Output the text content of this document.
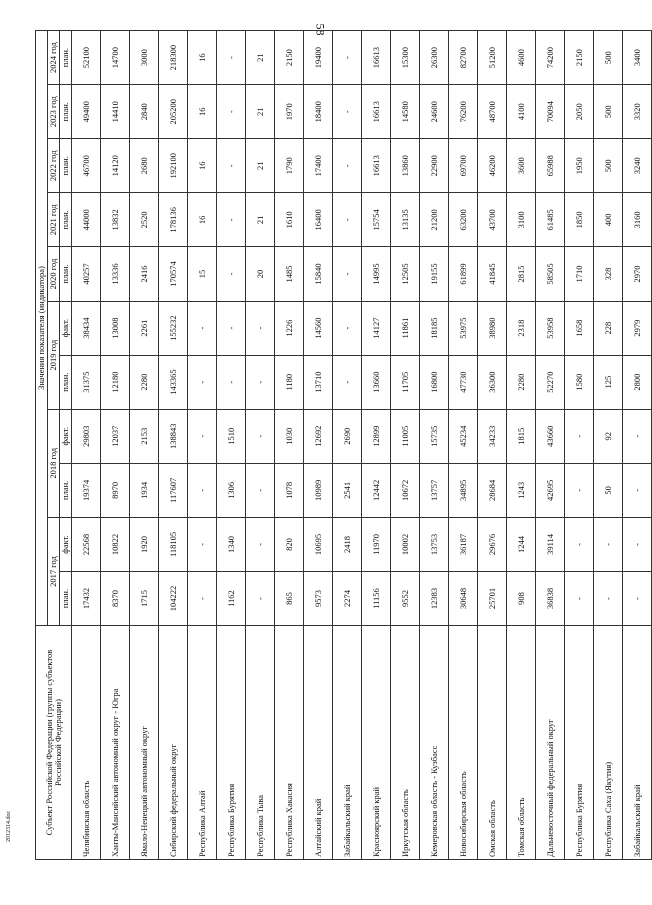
58
2012314.doc	Субъект Российской Федерации (группы субъектов Российской Федерации)	Значения показателя (индикатора)										
	2017 год		2018 год		2019 год		2020 год	2021 год	2022 год	2023 год	2024 год
	план.	факт.	план.	факт.	план.	факт.	план.	план.	план.	план.	план.
Челябинская область	17432	22568	19374	29803	31375	38434	40257	44000	46700	49400	52100
Ханты-Мансийский автономный округ - Югра	8370	10822	8970	12037	12180	13008	13336	13832	14120	14410	14700
Ямало-Ненецкий автономный округ	1715	1920	1934	2153	2280	2261	2416	2520	2680	2840	3000
Сибирский федеральный округ	104222	118105	117607	138843	143365	155232	170574	178136	192100	205200	218300
Республика Алтай	-	-	-	-	-	-	15	16	16	16	16
Республика Бурятия	1162	1340	1306	1510	-	-	-	-	-	-	-
Республика Тыва	-	-	-	-	-	-	20	21	21	21	21
Республика Хакасия	865	820	1078	1030	1180	1226	1485	1610	1790	1970	2150
Алтайский край	9573	10695	10989	12692	13710	14560	15840	16400	17400	18400	19400
Забайкальский край	2274	2418	2541	2690	-	-	-	-	-	-	-
Красноярский край	11156	11970	12442	12899	13660	14127	14995	15754	16613	16613	16613
Иркутская область	9552	10002	10672	11005	11705	11861	12505	13135	13860	14580	15300
Кемеровская область - Кузбасс	12383	13753	13757	15735	16800	18185	19155	21200	22900	24600	26300
Новосибирская область	30648	36187	34895	45234	47730	53975	61899	63200	69700	76200	82700
Омская область	25701	29676	28684	34233	36300	38980	41845	43700	46200	48700	51200
Томская область	908	1244	1243	1815	2280	2318	2815	3100	3600	4100	4600
Дальневосточный федеральный округ	36838	39114	42695	43660	52270	53958	58505	61485	65988	70094	74200
Республика Бурятия	-	-	-	-	1580	1658	1710	1850	1950	2050	2150
Республика Саха (Якутия)	-	-	50	92	125	228	328	400	500	500	500
Забайкальский край	-	-	-	-	2800	2979	2970	3160	3240	3320	3400
